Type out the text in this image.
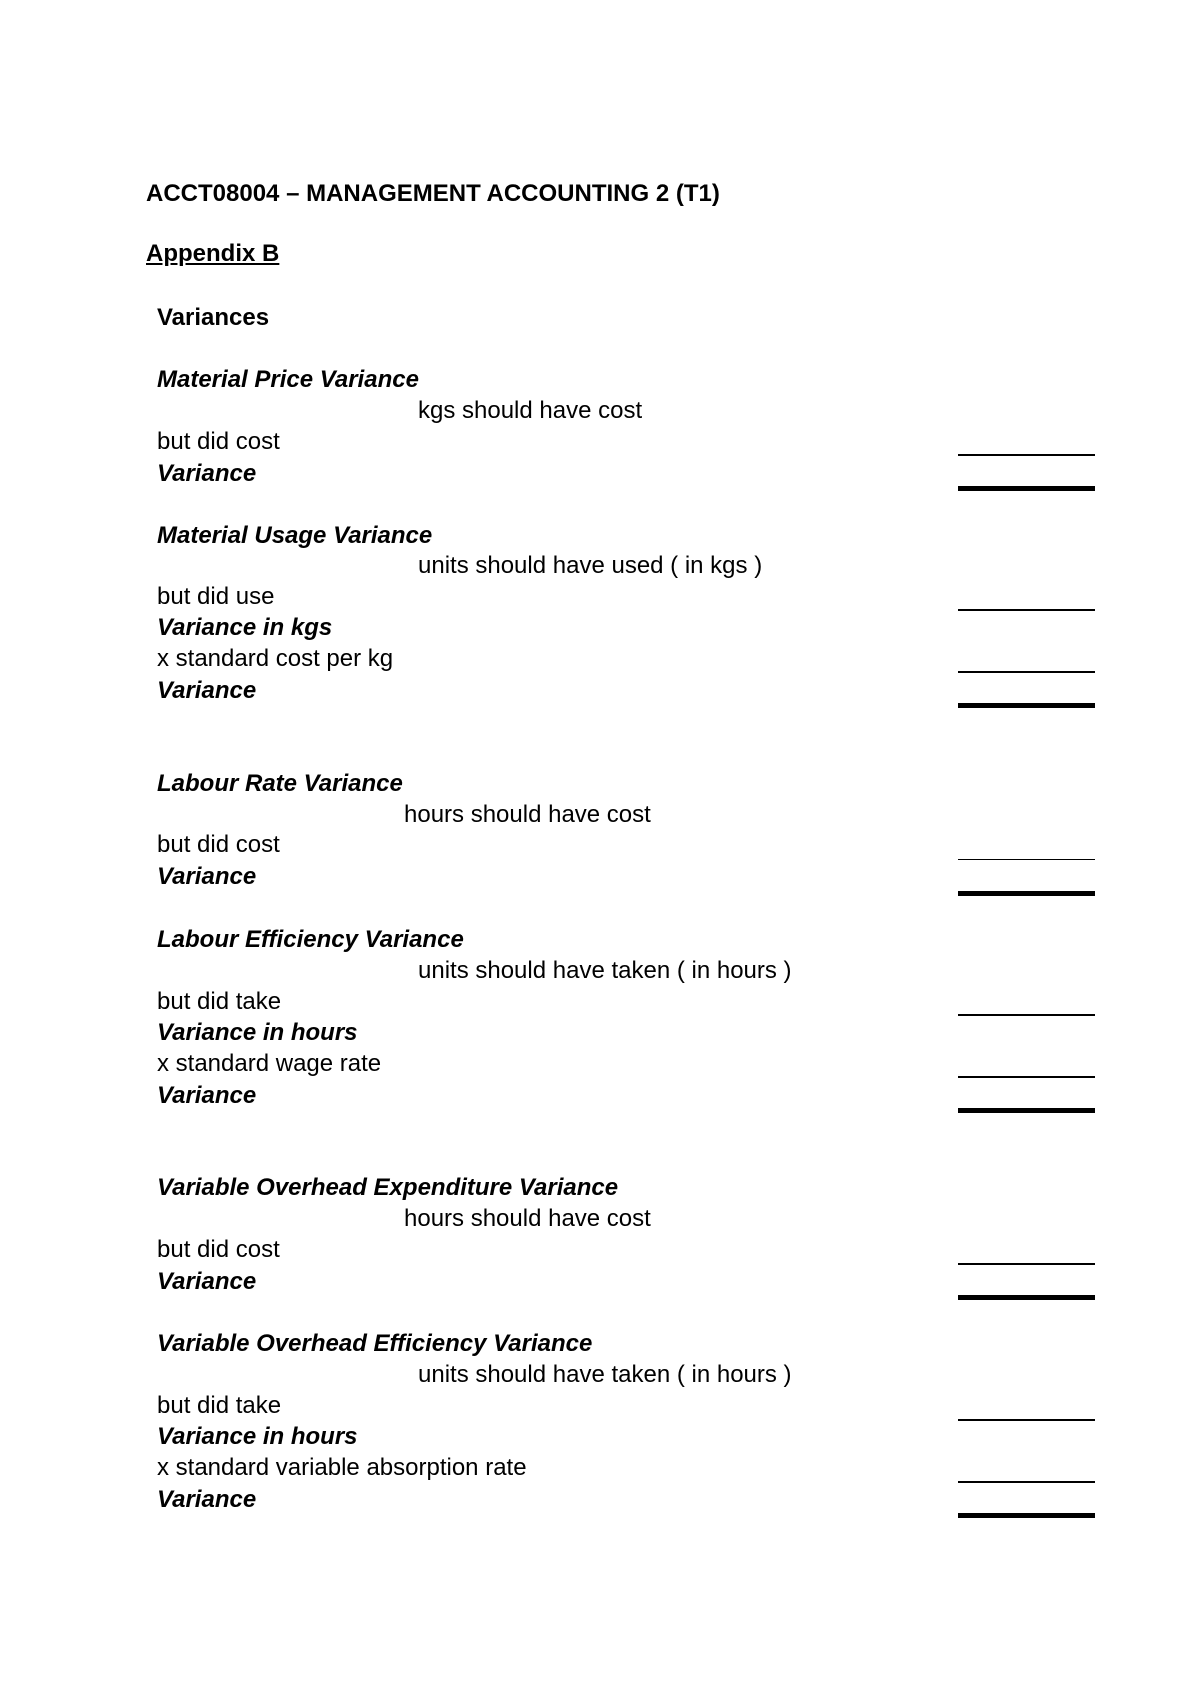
ACCT08004 – MANAGEMENT ACCOUNTING 2 (T1)
Appendix B
Variances
Material Price Variance
kgs should have cost
but did cost
Variance
Material Usage Variance
units should have used ( in kgs )
but did use
Variance in kgs
x standard cost per kg
Variance
Labour Rate Variance
hours should have cost
but did cost
Variance
Labour Efficiency Variance
units should have taken ( in hours )
but did take
Variance in hours
x standard wage rate
Variance
Variable Overhead Expenditure Variance
hours should have cost
but did cost
Variance
Variable Overhead Efficiency Variance
units should have taken ( in hours )
but did take
Variance in hours
x standard variable absorption rate
Variance
